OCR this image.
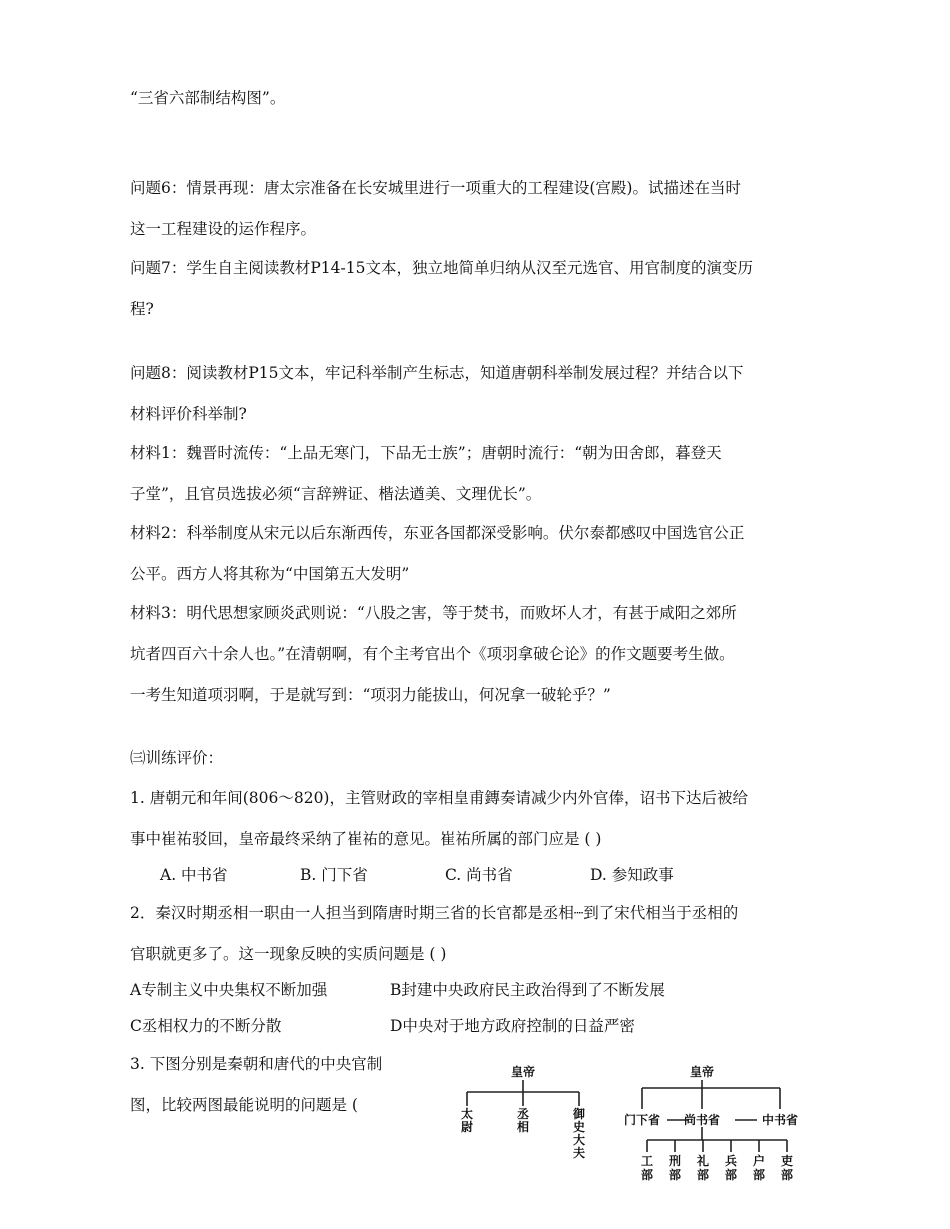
“三省六部制结构图”。

问题6：情景再现：唐太宗准备在长安城里进行一项重大的工程建设(宫殿)。试描述在当时

这一工程建设的运作程序。

问题7：学生自主阅读教材P14-15文本，独立地简单归纳从汉至元选官、用官制度的演变历

程?

问题8：阅读教材P15文本，牢记科举制产生标志，知道唐朝科举制发展过程？并结合以下

材料评价科举制?

材料1：魏晋时流传：“上品无寒门，下品无士族”；唐朝时流行：“朝为田舍郎，暮登天

子堂”，且官员选拔必须“言辞辨证、楷法遒美、文理优长”。

材料2：科举制度从宋元以后东渐西传，东亚各国都深受影响。伏尔泰都感叹中国选官公正

公平。西方人将其称为“中国第五大发明”

材料3：明代思想家顾炎武则说：“八股之害，等于焚书，而败坏人才，有甚于咸阳之郊所

坑者四百六十余人也。”在清朝啊，有个主考官出个《项羽拿破仑论》的作文题要考生做。

一考生知道项羽啊，于是就写到：“项羽力能拔山，何况拿一破轮乎？”

㈢训练评价：

1. 唐朝元和年间(806～820)，主管财政的宰相皇甫鏄奏请减少内外官俸，诏书下达后被给

事中崔祐驳回，皇帝最终采纳了崔祐的意见。崔祐所属的部门应是 ( )

A. 中书省	B. 门下省	C. 尚书省	D. 参知政事

2．秦汉时期丞相一职由一人担当到隋唐时期三省的长官都是丞相┈到了宋代相当于丞相的

官职就更多了。这一现象反映的实质问题是 ( )

A专制主义中央集权不断加强	B封建中央政府民主政治得到了不断发展
C丞相权力的不断分散	D中央对于地方政府控制的日益严密

3. 下图分别是秦朝和唐代的中央官制

图，比较两图最能说明的问题是 (

皇帝
太尉
丞相
御史大夫
皇帝
门下省 尚书省	中书省
工部
刑部
礼部
兵部
户部
吏部
